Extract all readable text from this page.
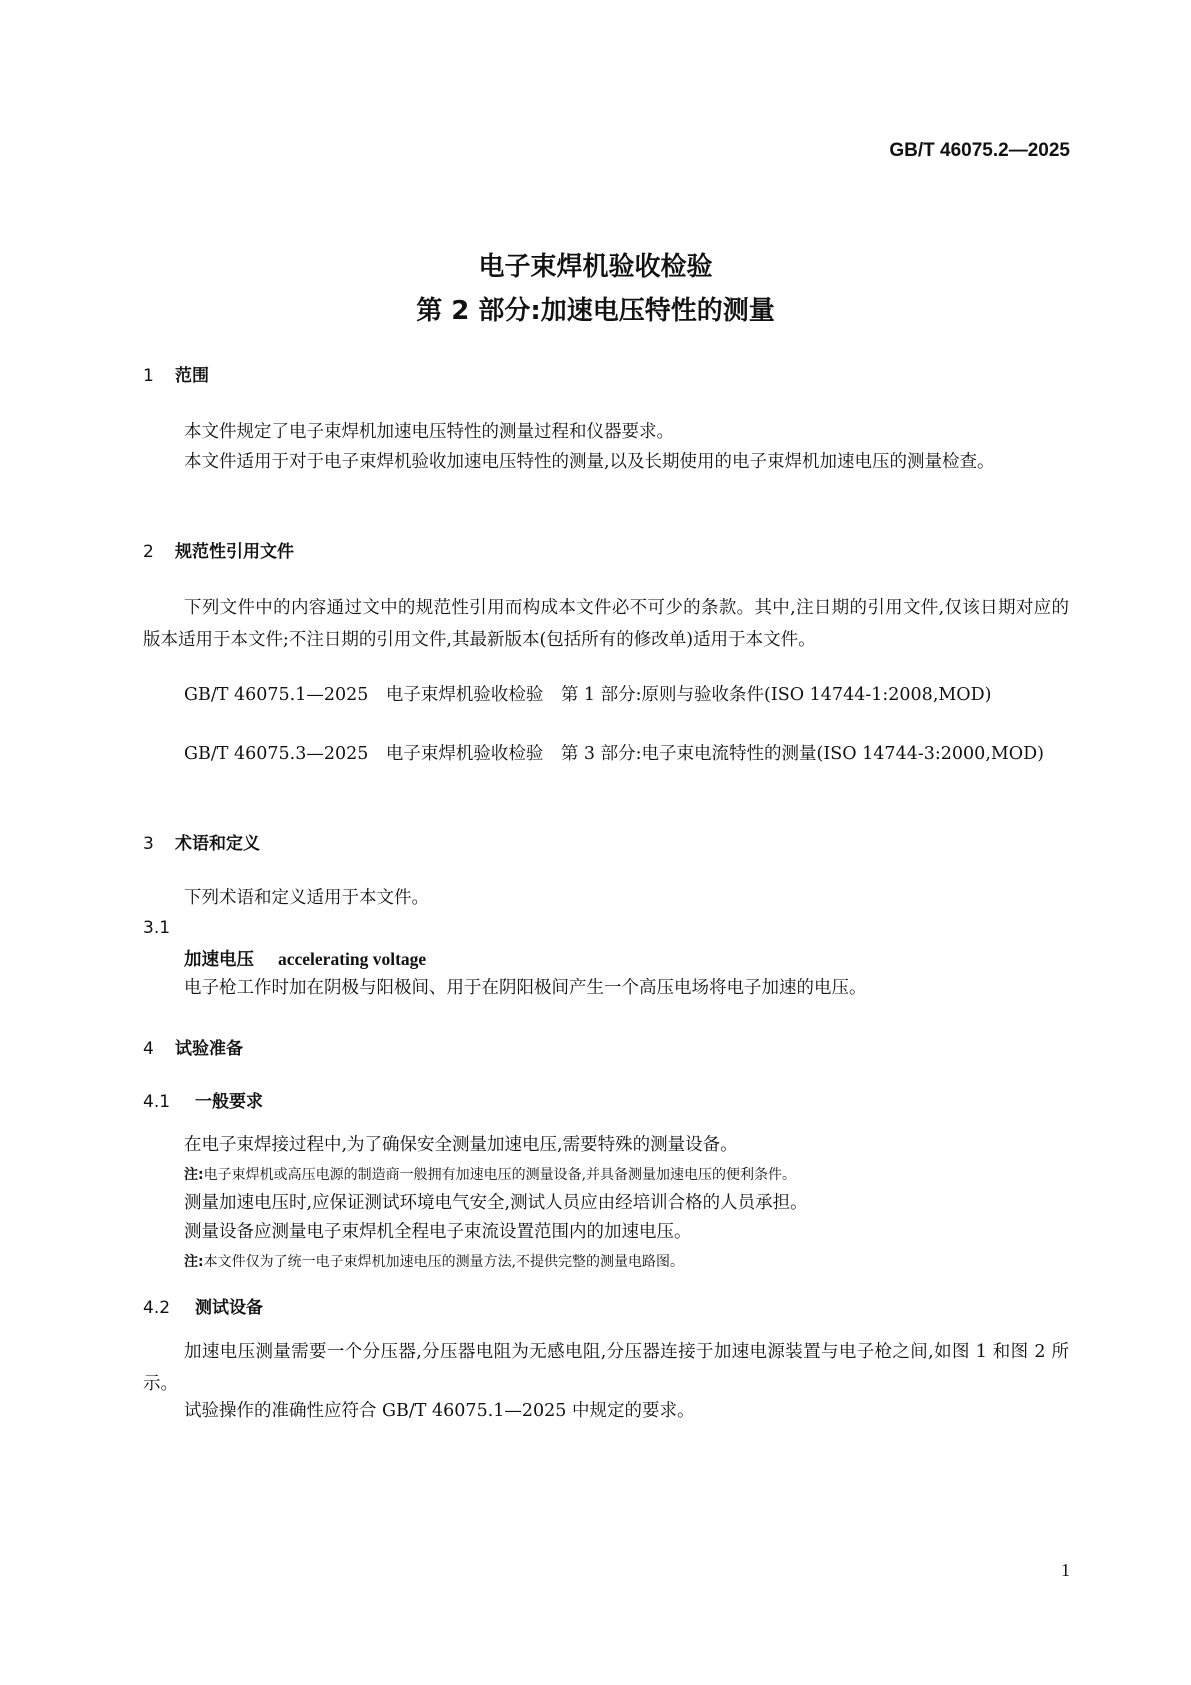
GB/T 46075.2—2025
电子束焊机验收检验
第 2 部分:加速电压特性的测量
1 范围
本文件规定了电子束焊机加速电压特性的测量过程和仪器要求。
本文件适用于对于电子束焊机验收加速电压特性的测量,以及长期使用的电子束焊机加速电压的测量检查。
2 规范性引用文件
下列文件中的内容通过文中的规范性引用而构成本文件必不可少的条款。其中,注日期的引用文件,仅该日期对应的版本适用于本文件;不注日期的引用文件,其最新版本(包括所有的修改单)适用于本文件。
GB/T 46075.1—2025　电子束焊机验收检验　第 1 部分:原则与验收条件(ISO 14744-1:2008,MOD)
GB/T 46075.3—2025　电子束焊机验收检验　第 3 部分:电子束电流特性的测量(ISO 14744-3:2000,MOD)
3 术语和定义
下列术语和定义适用于本文件。
3.1
加速电压 accelerating voltage
电子枪工作时加在阴极与阳极间、用于在阴阳极间产生一个高压电场将电子加速的电压。
4 试验准备
4.1 一般要求
在电子束焊接过程中,为了确保安全测量加速电压,需要特殊的测量设备。
注:电子束焊机或高压电源的制造商一般拥有加速电压的测量设备,并具备测量加速电压的便利条件。
测量加速电压时,应保证测试环境电气安全,测试人员应由经培训合格的人员承担。
测量设备应测量电子束焊机全程电子束流设置范围内的加速电压。
注:本文件仅为了统一电子束焊机加速电压的测量方法,不提供完整的测量电路图。
4.2 测试设备
加速电压测量需要一个分压器,分压器电阻为无感电阻,分压器连接于加速电源装置与电子枪之间,如图 1 和图 2 所示。
试验操作的准确性应符合 GB/T 46075.1—2025 中规定的要求。
1
